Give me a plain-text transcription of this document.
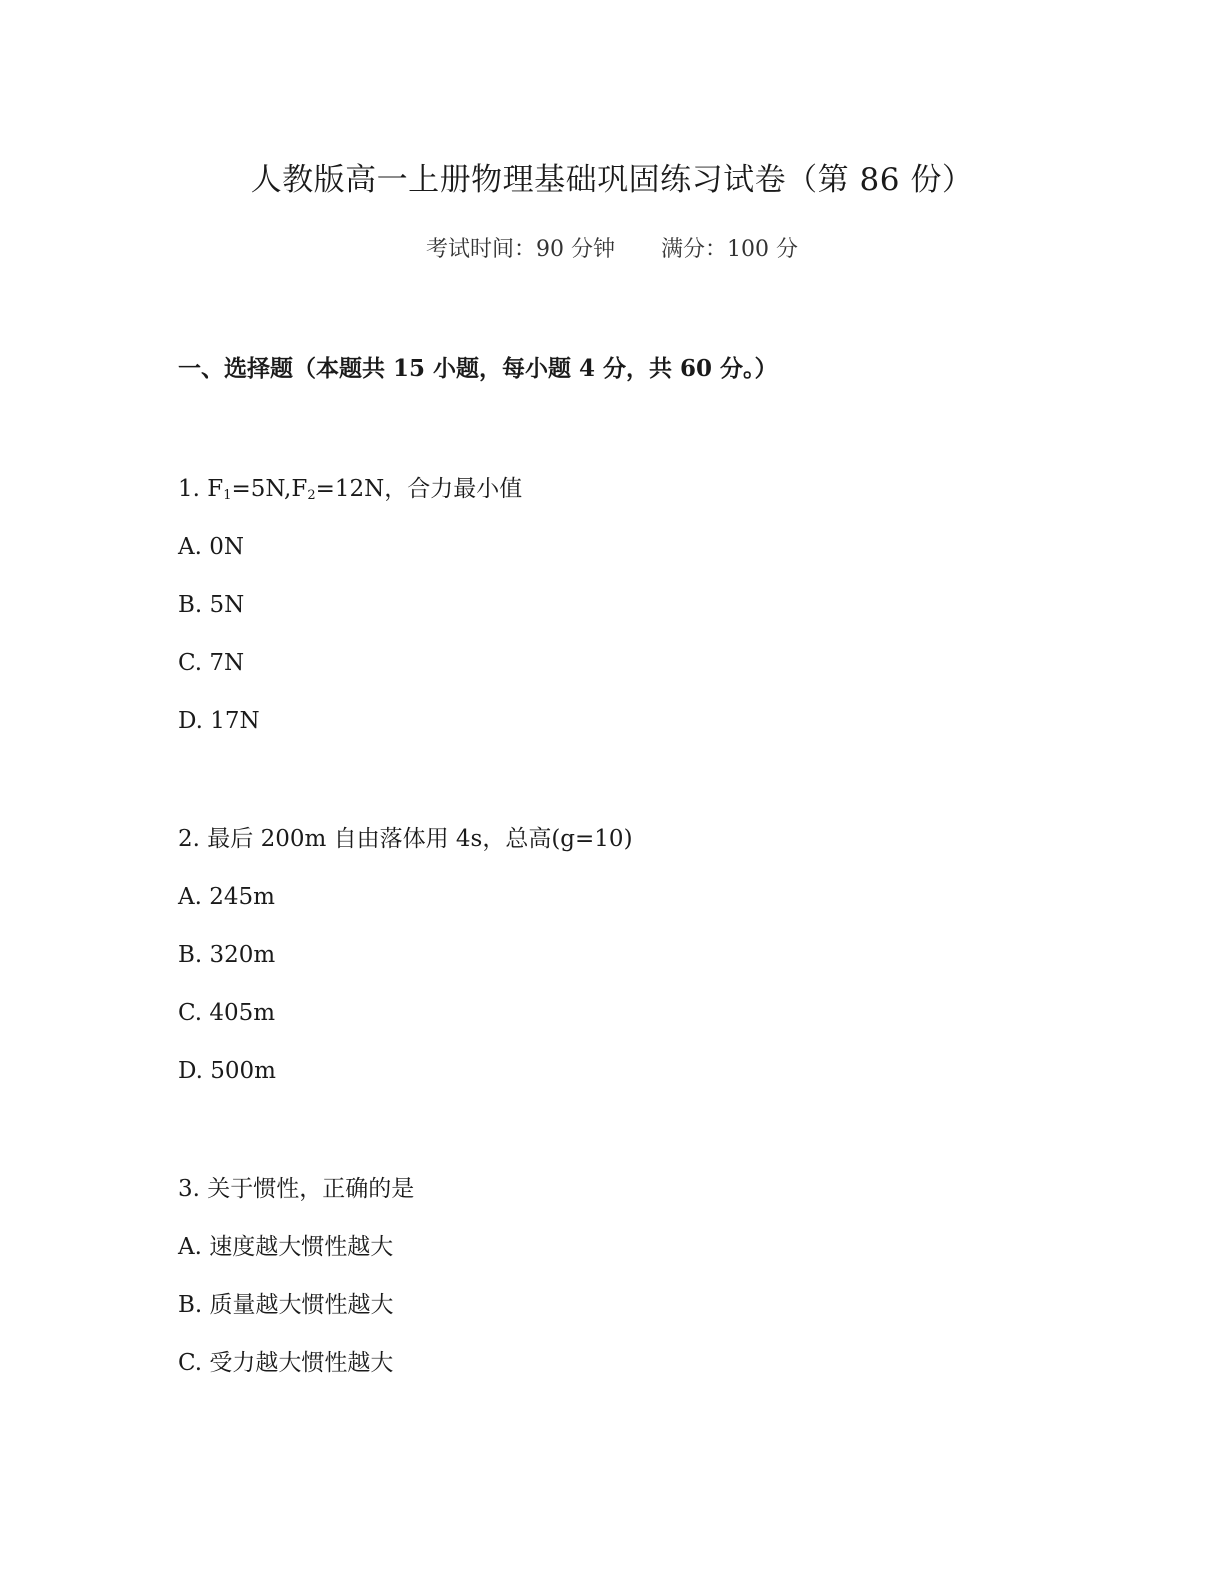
人教版高一上册物理基础巩固练习试卷（第 86 份）
考试时间：90 分钟 满分：100 分
一、选择题（本题共 15 小题，每小题 4 分，共 60 分。）
1. $F_1=5N,F_2=12N$，合力最小值
A. 0N
B. 5N
C. 7N
D. 17N
2. 最后 200m 自由落体用 4s，总高(g=10)
A. 245m
B. 320m
C. 405m
D. 500m
3. 关于惯性，正确的是
A. 速度越大惯性越大
B. 质量越大惯性越大
C. 受力越大惯性越大
